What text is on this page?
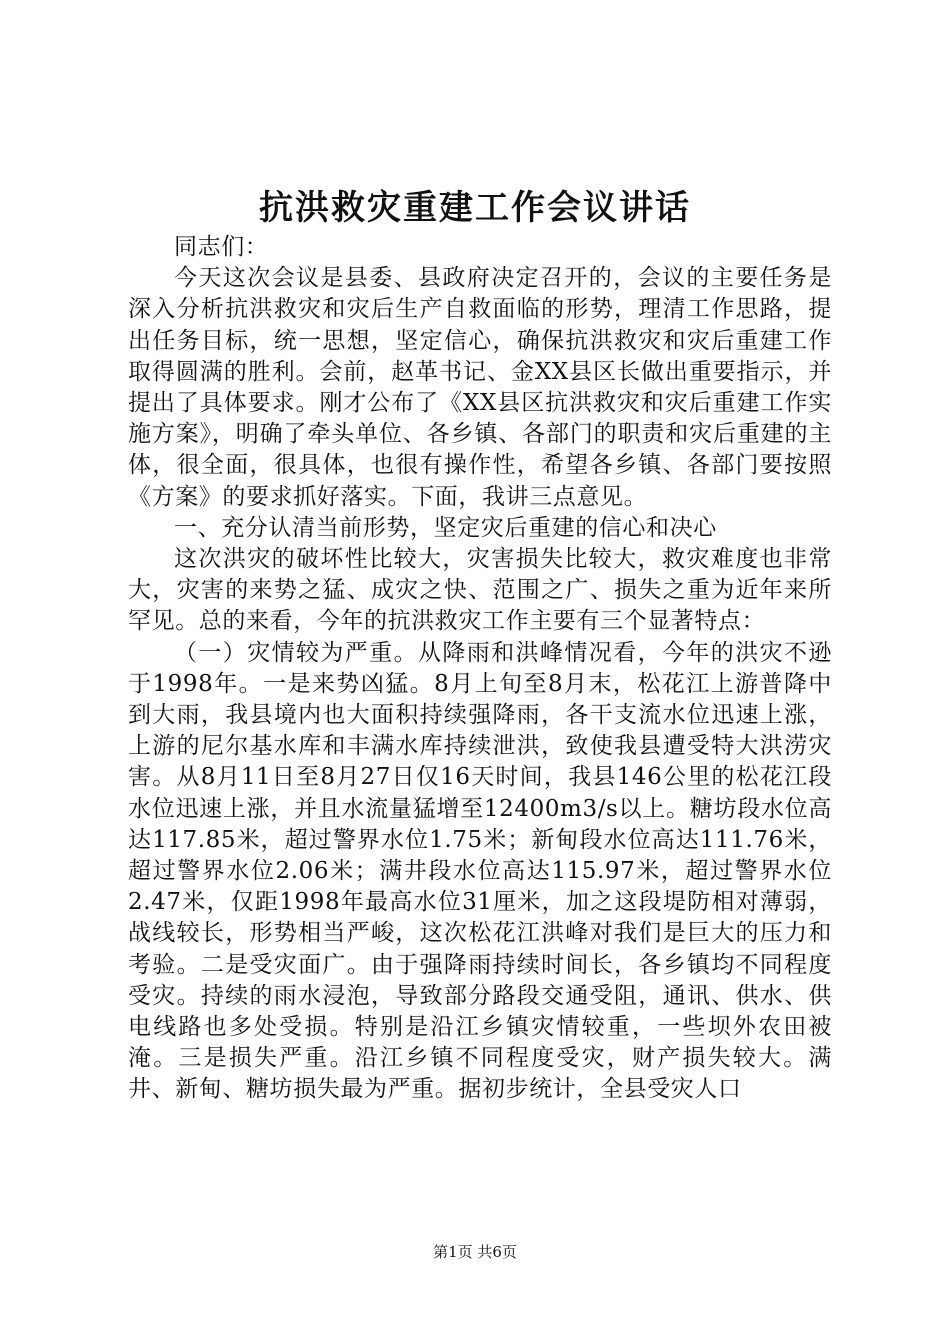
抗洪救灾重建工作会议讲话

同志们：

今天这次会议是县委、县政府决定召开的，会议的主要任务是深入分析抗洪救灾和灾后生产自救面临的形势，理清工作思路，提出任务目标，统一思想，坚定信心，确保抗洪救灾和灾后重建工作取得圆满的胜利。会前，赵革书记、金XX县区长做出重要指示，并提出了具体要求。刚才公布了《XX县区抗洪救灾和灾后重建工作实施方案》，明确了牵头单位、各乡镇、各部门的职责和灾后重建的主体，很全面，很具体，也很有操作性，希望各乡镇、各部门要按照《方案》的要求抓好落实。下面，我讲三点意见。

一、充分认清当前形势，坚定灾后重建的信心和决心

这次洪灾的破坏性比较大，灾害损失比较大，救灾难度也非常大，灾害的来势之猛、成灾之快、范围之广、损失之重为近年来所罕见。总的来看，今年的抗洪救灾工作主要有三个显著特点：

（一）灾情较为严重。从降雨和洪峰情况看，今年的洪灾不逊于1998年。一是来势凶猛。8月上旬至8月末，松花江上游普降中到大雨，我县境内也大面积持续强降雨，各干支流水位迅速上涨，上游的尼尔基水库和丰满水库持续泄洪，致使我县遭受特大洪涝灾害。从8月11日至8月27日仅16天时间，我县146公里的松花江段水位迅速上涨，并且水流量猛增至12400m3/s以上。糖坊段水位高达117.85米，超过警界水位1.75米；新甸段水位高达111.76米，超过警界水位2.06米；满井段水位高达115.97米，超过警界水位2.47米，仅距1998年最高水位31厘米，加之这段堤防相对薄弱，战线较长，形势相当严峻，这次松花江洪峰对我们是巨大的压力和考验。二是受灾面广。由于强降雨持续时间长，各乡镇均不同程度受灾。持续的雨水浸泡，导致部分路段交通受阻，通讯、供水、供电线路也多处受损。特别是沿江乡镇灾情较重，一些坝外农田被淹。三是损失严重。沿江乡镇不同程度受灾，财产损失较大。满井、新甸、糖坊损失最为严重。据初步统计，全县受灾人口

第1页 共6页
